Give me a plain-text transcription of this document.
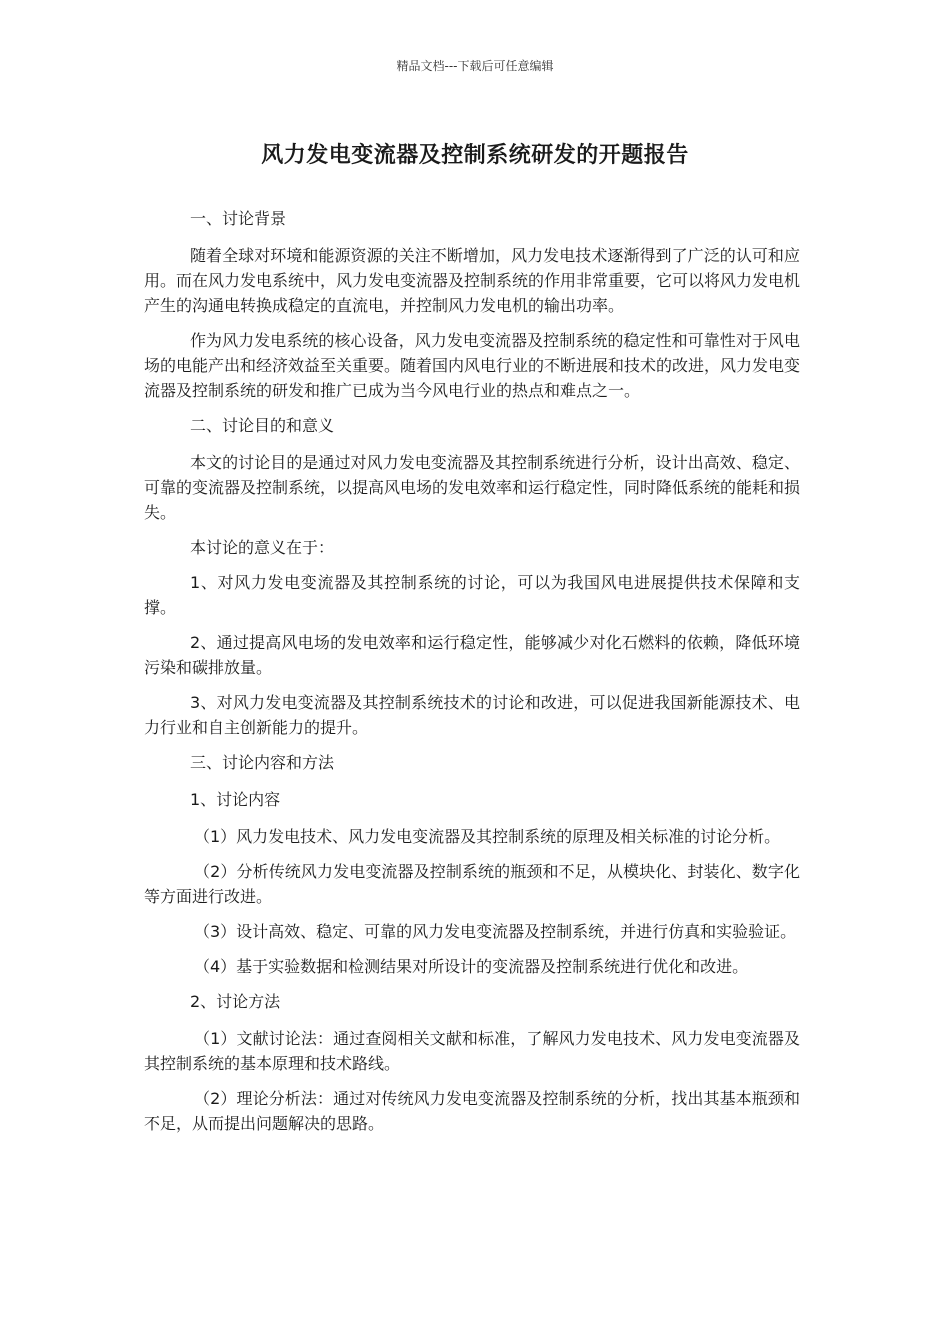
精品文档---下载后可任意编辑
风力发电变流器及控制系统研发的开题报告

一、讨论背景

随着全球对环境和能源资源的关注不断增加，风力发电技术逐渐得到了广泛的认可和应用。而在风力发电系统中，风力发电变流器及控制系统的作用非常重要，它可以将风力发电机产生的沟通电转换成稳定的直流电，并控制风力发电机的输出功率。

作为风力发电系统的核心设备，风力发电变流器及控制系统的稳定性和可靠性对于风电场的电能产出和经济效益至关重要。随着国内风电行业的不断进展和技术的改进，风力发电变流器及控制系统的研发和推广已成为当今风电行业的热点和难点之一。

二、讨论目的和意义

本文的讨论目的是通过对风力发电变流器及其控制系统进行分析，设计出高效、稳定、可靠的变流器及控制系统，以提高风电场的发电效率和运行稳定性，同时降低系统的能耗和损失。

本讨论的意义在于：

1、对风力发电变流器及其控制系统的讨论，可以为我国风电进展提供技术保障和支撑。

2、通过提高风电场的发电效率和运行稳定性，能够减少对化石燃料的依赖，降低环境污染和碳排放量。

3、对风力发电变流器及其控制系统技术的讨论和改进，可以促进我国新能源技术、电力行业和自主创新能力的提升。

三、讨论内容和方法

1、讨论内容

（1）风力发电技术、风力发电变流器及其控制系统的原理及相关标准的讨论分析。

（2）分析传统风力发电变流器及控制系统的瓶颈和不足，从模块化、封装化、数字化等方面进行改进。

（3）设计高效、稳定、可靠的风力发电变流器及控制系统，并进行仿真和实验验证。

（4）基于实验数据和检测结果对所设计的变流器及控制系统进行优化和改进。

2、讨论方法

（1）文献讨论法：通过查阅相关文献和标准，了解风力发电技术、风力发电变流器及其控制系统的基本原理和技术路线。

（2）理论分析法：通过对传统风力发电变流器及控制系统的分析，找出其基本瓶颈和不足，从而提出问题解决的思路。
